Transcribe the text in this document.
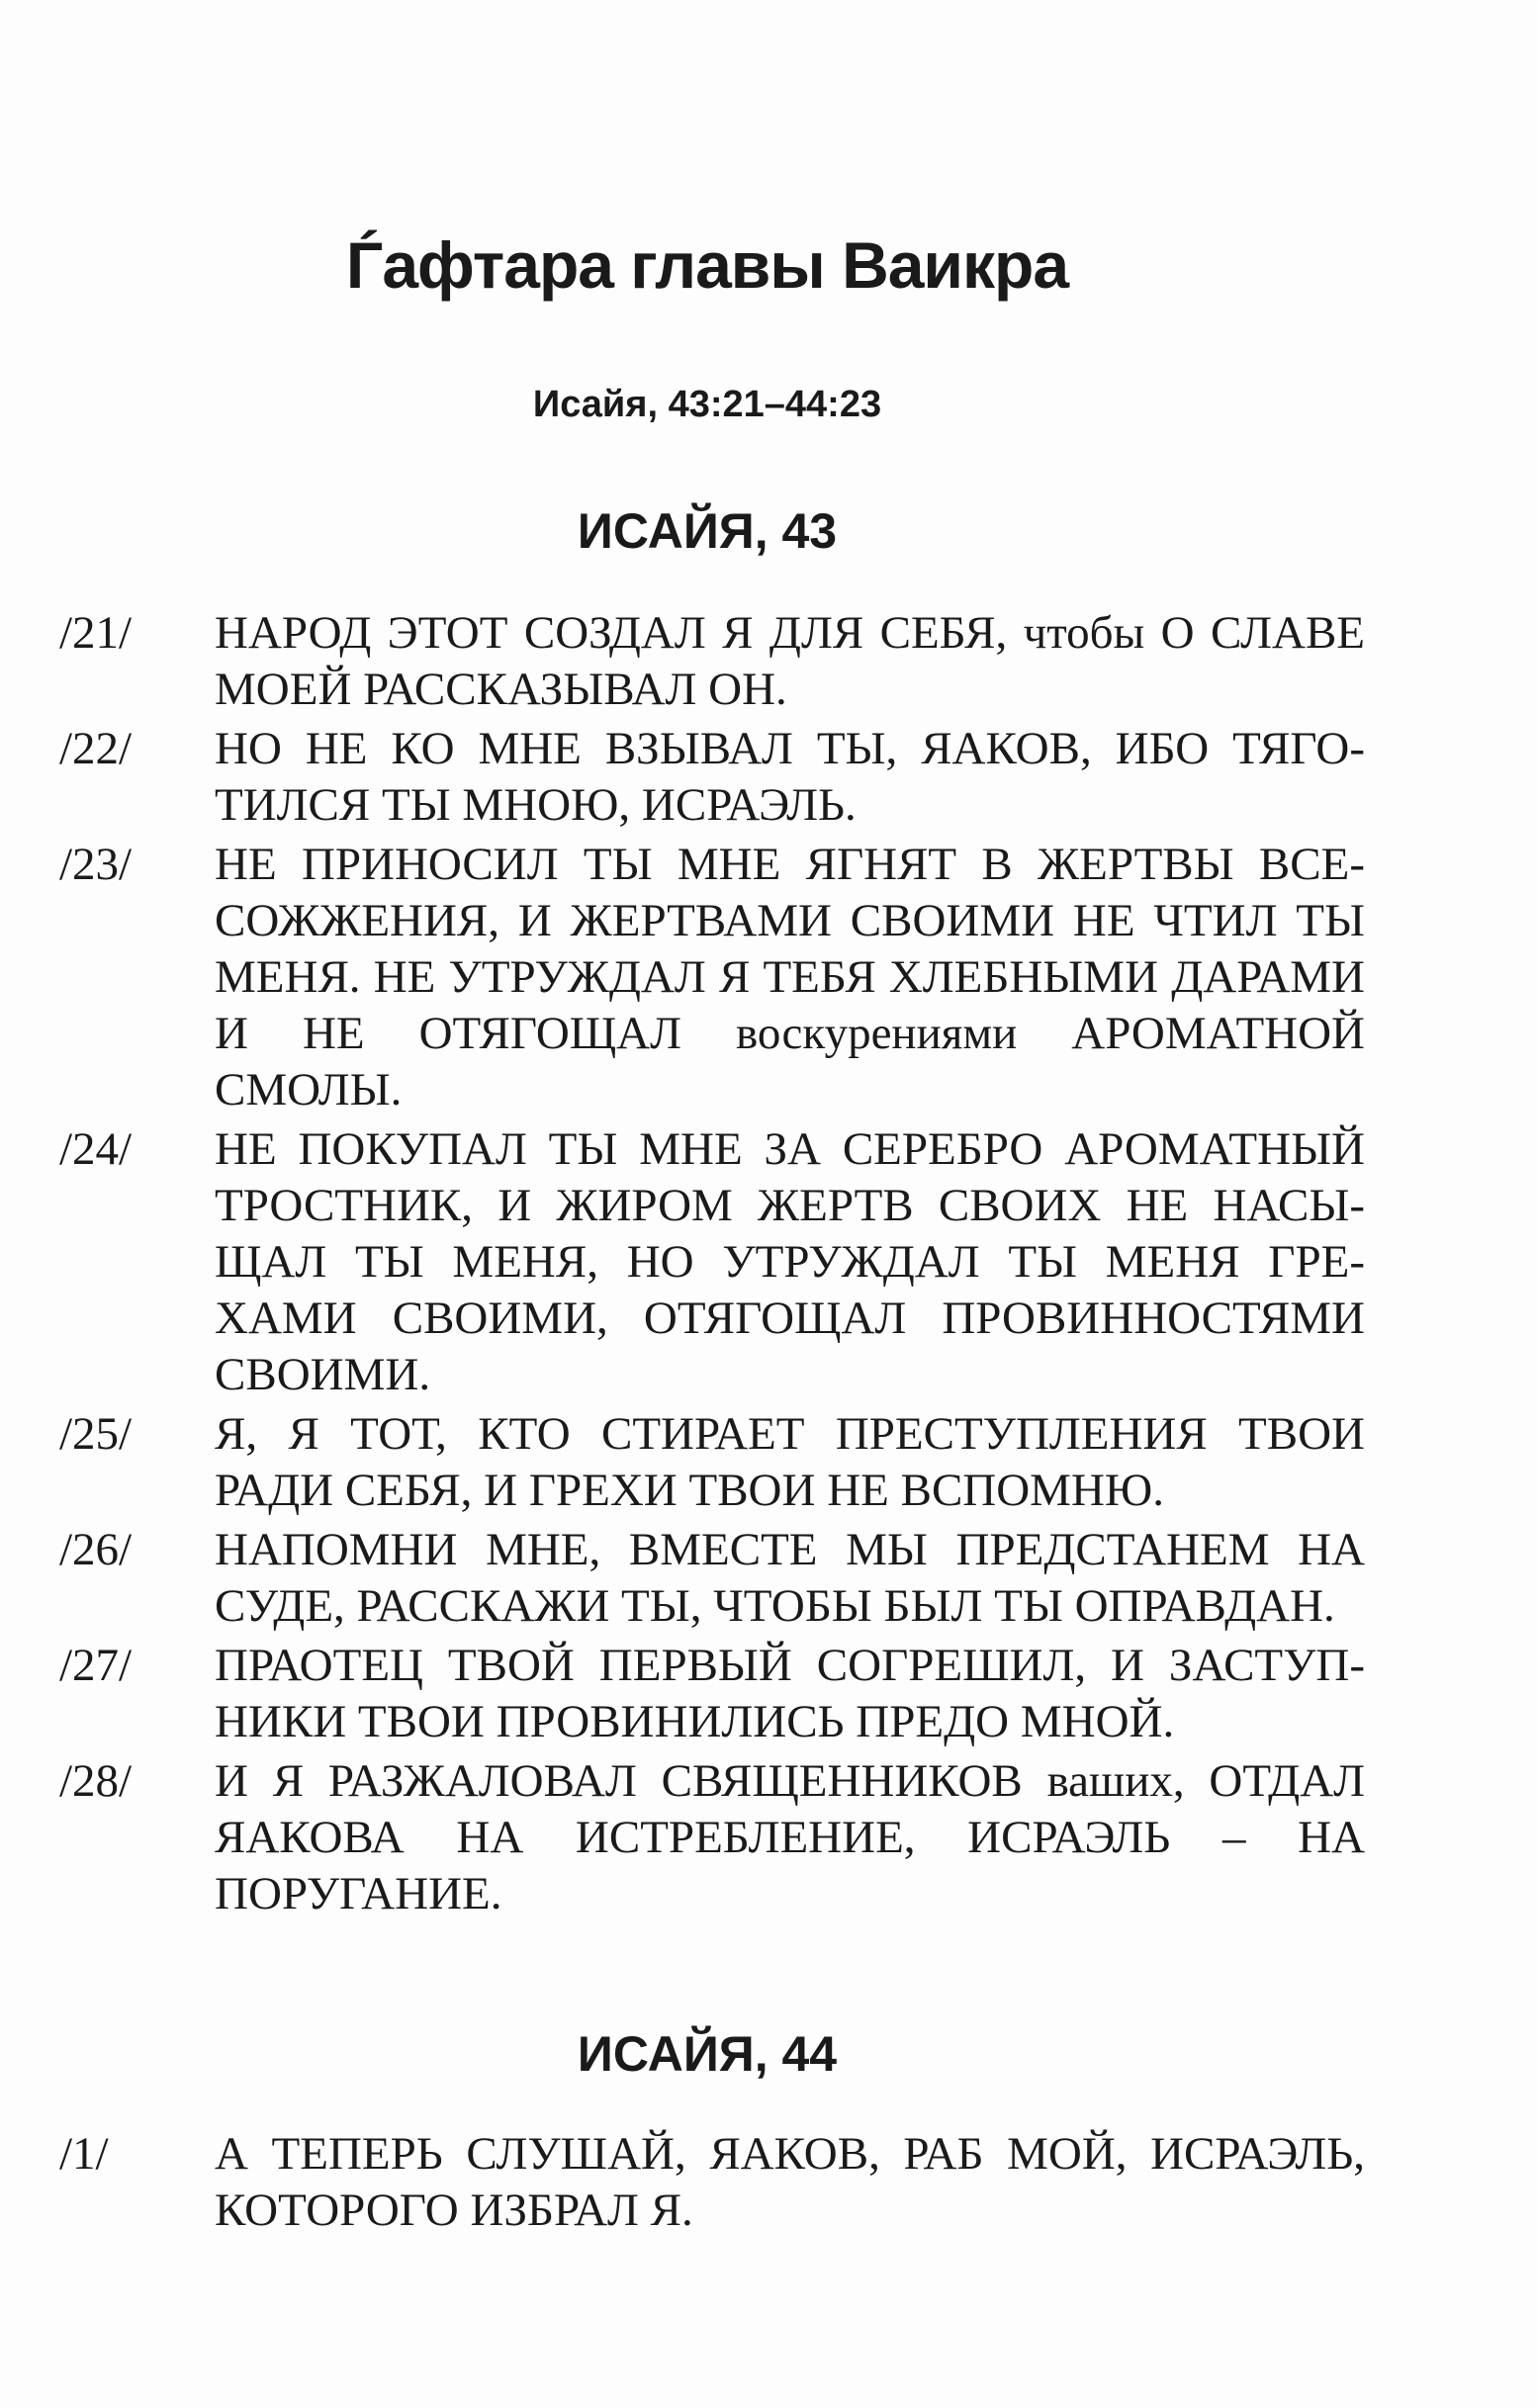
Ѓафтара главы Ваикра
Исайя, 43:21–44:23
ИСАЙЯ, 43
/21/	НАРОД ЭТОТ СОЗДАЛ Я ДЛЯ СЕБЯ, чтобы О СЛАВЕ МОЕЙ РАССКАЗЫВАЛ ОН.
/22/	НО НЕ КО МНЕ ВЗЫВАЛ ТЫ, ЯАКОВ, ИБО ТЯГОТИЛСЯ ТЫ МНОЮ, ИСРАЭЛЬ.
/23/	НЕ ПРИНОСИЛ ТЫ МНЕ ЯГНЯТ В ЖЕРТВЫ ВСЕСОЖЖЕНИЯ, И ЖЕРТВАМИ СВОИМИ НЕ ЧТИЛ ТЫ МЕНЯ. НЕ УТРУЖДАЛ Я ТЕБЯ ХЛЕБНЫМИ ДАРАМИ И НЕ ОТЯГОЩАЛ воскурениями АРОМАТНОЙ СМОЛЫ.
/24/	НЕ ПОКУПАЛ ТЫ МНЕ ЗА СЕРЕБРО АРОМАТНЫЙ ТРОСТНИК, И ЖИРОМ ЖЕРТВ СВОИХ НЕ НАСЫЩАЛ ТЫ МЕНЯ, НО УТРУЖДАЛ ТЫ МЕНЯ ГРЕХАМИ СВОИМИ, ОТЯГОЩАЛ ПРОВИННОСТЯМИ СВОИМИ.
/25/	Я, Я ТОТ, КТО СТИРАЕТ ПРЕСТУПЛЕНИЯ ТВОИ РАДИ СЕБЯ, И ГРЕХИ ТВОИ НЕ ВСПОМНЮ.
/26/	НАПОМНИ МНЕ, ВМЕСТЕ МЫ ПРЕДСТАНЕМ НА СУДЕ, РАССКАЖИ ТЫ, ЧТОБЫ БЫЛ ТЫ ОПРАВДАН.
/27/	ПРАОТЕЦ ТВОЙ ПЕРВЫЙ СОГРЕШИЛ, И ЗАСТУПНИКИ ТВОИ ПРОВИНИЛИСЬ ПРЕДО МНОЙ.
/28/	И Я РАЗЖАЛОВАЛ СВЯЩЕННИКОВ ваших, ОТДАЛ ЯАКОВА НА ИСТРЕБЛЕНИЕ, ИСРАЭЛЬ – НА ПОРУГАНИЕ.
ИСАЙЯ, 44
/1/	А ТЕПЕРЬ СЛУШАЙ, ЯАКОВ, РАБ МОЙ, ИСРАЭЛЬ, КОТОРОГО ИЗБРАЛ Я.
